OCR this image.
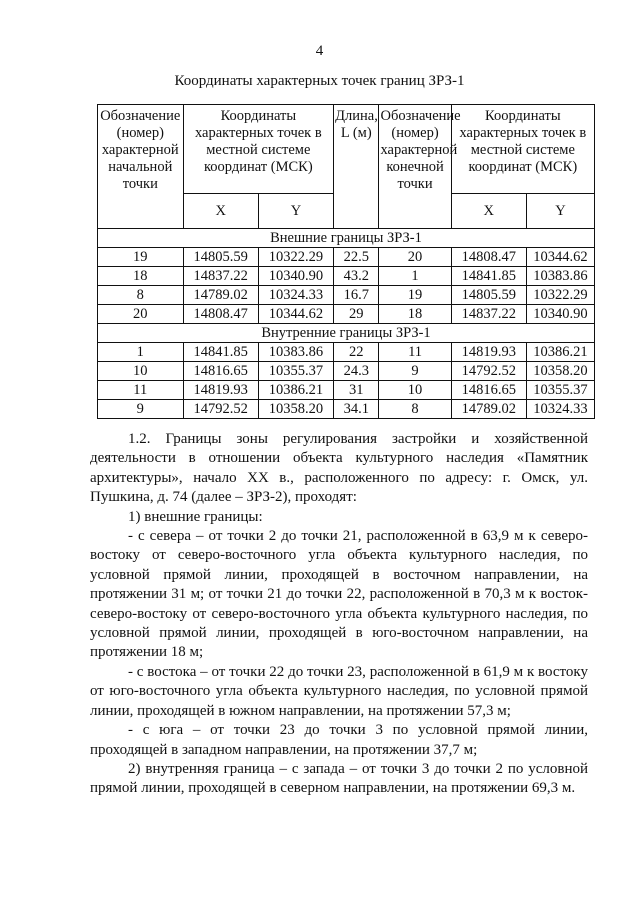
4
Координаты характерных точек границ ЗРЗ-1
Обозначение (номер) характерной начальной точки	Координаты характерных точек в местной системе координат (МСК)		Длина, L (м)	Обозначение (номер) характерной конечной точки	Координаты характерных точек в местной системе координат (МСК)	
	X	Y			X	Y
Внешние границы ЗРЗ-1						
19	14805.59	10322.29	22.5	20	14808.47	10344.62
18	14837.22	10340.90	43.2	1	14841.85	10383.86
8	14789.02	10324.33	16.7	19	14805.59	10322.29
20	14808.47	10344.62	29	18	14837.22	10340.90
Внутренние границы ЗРЗ-1						
1	14841.85	10383.86	22	11	14819.93	10386.21
10	14816.65	10355.37	24.3	9	14792.52	10358.20
11	14819.93	10386.21	31	10	14816.65	10355.37
9	14792.52	10358.20	34.1	8	14789.02	10324.33

1.2. Границы зоны регулирования застройки и хозяйственной деятельности в отношении объекта культурного наследия «Памятник архитектуры», начало XX в., расположенного по адресу: г. Омск, ул. Пушкина, д. 74 (далее – ЗРЗ-2), проходят:

1) внешние границы:

- с севера – от точки 2 до точки 21, расположенной в 63,9 м к северо-востоку от северо-восточного угла объекта культурного наследия, по условной прямой линии, проходящей в восточном направлении, на протяжении 31 м; от точки 21 до точки 22, расположенной в 70,3 м к восток-северо-востоку от северо-восточного угла объекта культурного наследия, по условной прямой линии, проходящей в юго-восточном направлении, на протяжении 18 м;

- с востока – от точки 22 до точки 23, расположенной в 61,9 м к востоку от юго-восточного угла объекта культурного наследия, по условной прямой линии, проходящей в южном направлении, на протяжении 57,3 м;

- с юга – от точки 23 до точки 3 по условной прямой линии, проходящей в западном направлении, на протяжении 37,7 м;

2) внутренняя граница – с запада – от точки 3 до точки 2 по условной прямой линии, проходящей в северном направлении, на протяжении 69,3 м.
